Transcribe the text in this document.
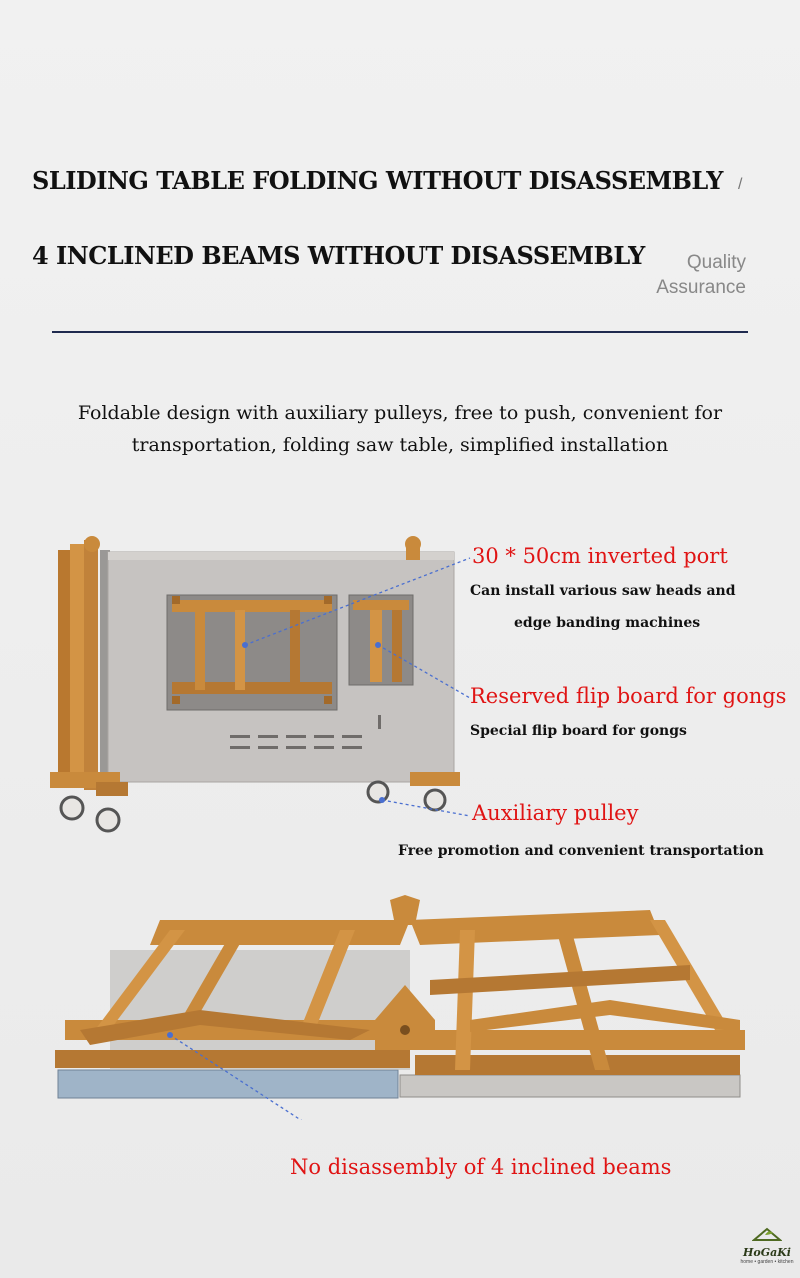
SLIDING TABLE FOLDING WITHOUT DISASSEMBLY /
4 INCLINED BEAMS WITHOUT DISASSEMBLY	Quality
Assurance
Foldable design with auxiliary pulleys, free to push, convenient for
transportation, folding saw table, simplified installation
30 * 50cm inverted port
Can install various saw heads and
edge banding machines
Reserved flip board for gongs
Special flip board for gongs
Auxiliary pulley
Free promotion and convenient transportation
No disassembly of 4 inclined beams
HoGaKi
home • garden • kitchen
